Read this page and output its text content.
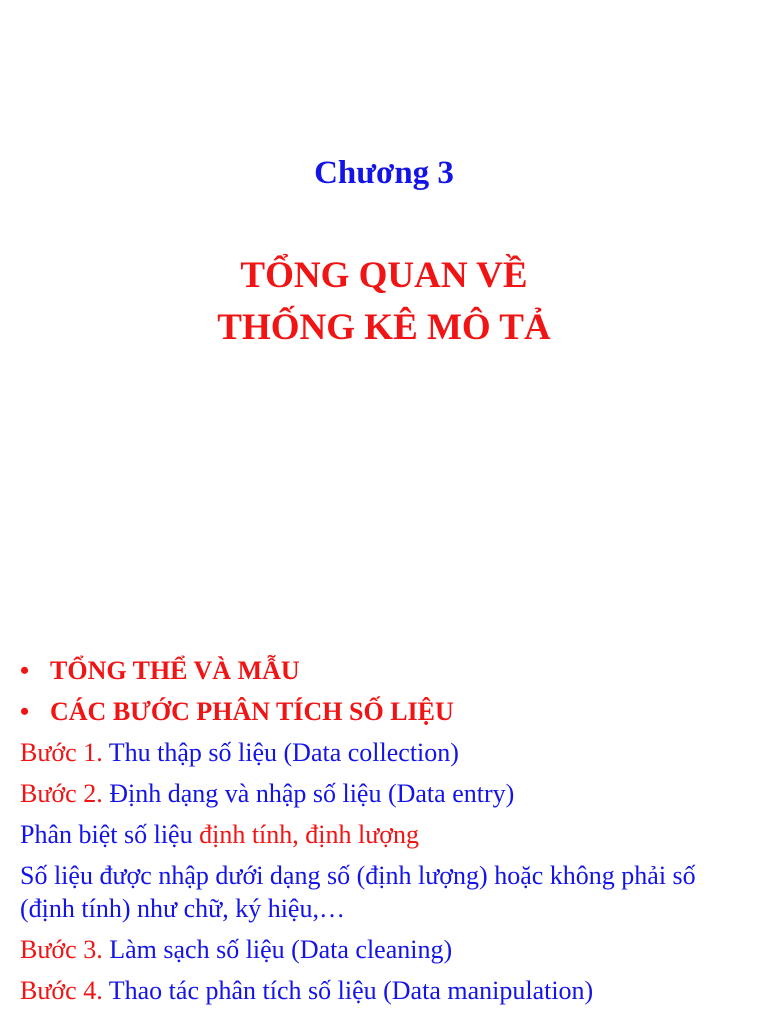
Chương 3
TỔNG QUAN VỀ
THỐNG KÊ MÔ TẢ
• TỔNG THỂ VÀ MẪU
• CÁC BƯỚC PHÂN TÍCH SỐ LIỆU
Bước 1. Thu thập số liệu (Data collection)
Bước 2. Định dạng và nhập số liệu (Data entry)
Phân biệt số liệu định tính, định lượng
Số liệu được nhập dưới dạng số (định lượng) hoặc không phải số (định tính) như chữ, ký hiệu,…
Bước 3. Làm sạch số liệu (Data cleaning)
Bước 4. Thao tác phân tích số liệu (Data manipulation)
